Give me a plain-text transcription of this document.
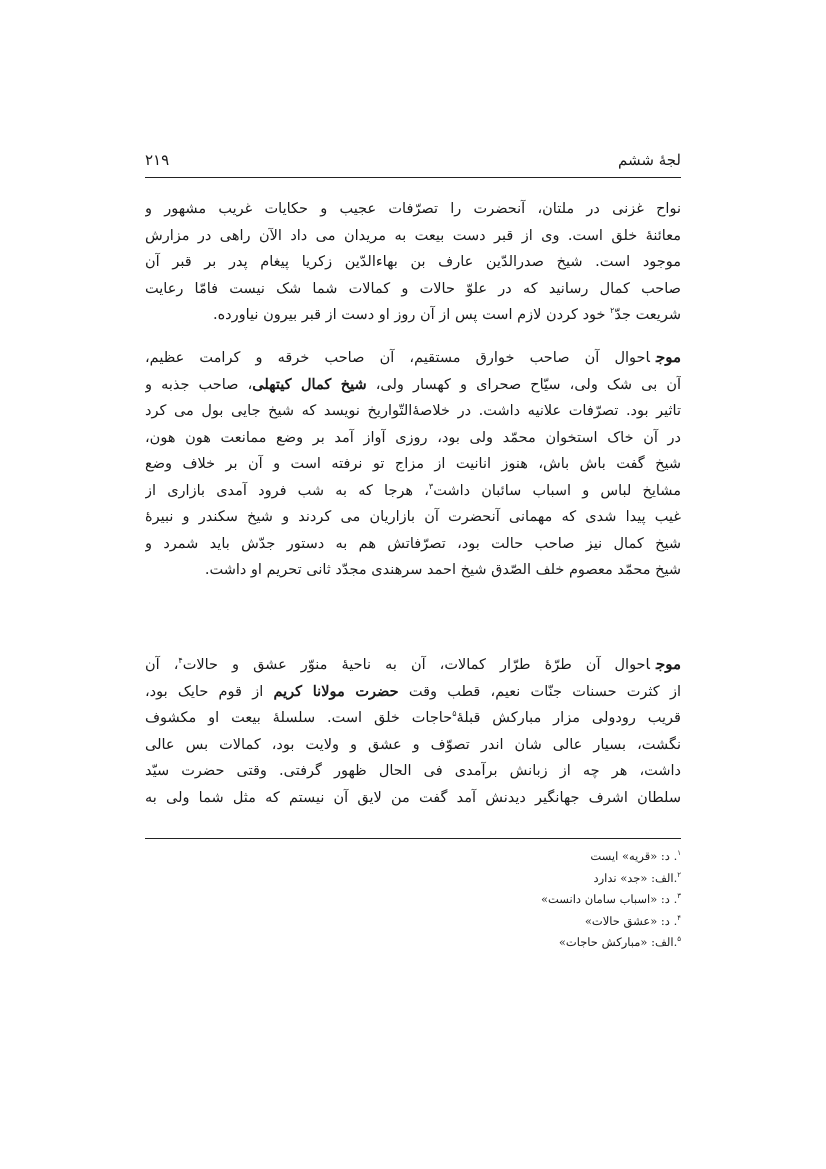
لجۀ ششم
۲۱۹
نواح غزنی در ملتان، آنحضرت را تصرّفات عجیب و حکایات غریب مشهور و
معائنۀ خلق است. وی از قبر دست بیعت به مریدان می داد الآن راهی در مزارش
موجود است. شیخ صدرالدّین عارف بن بهاءالدّین زکریا پیغام پدر بر قبر آن
صاحب کمال رسانید که در علوّ حالات و کمالات شما شک نیست فامّا رعایت
شریعت جدّ$^۲$ خود کردن لازم است پس از آن روز او دست از قبر بیرون نیاورده.
موجاحوال آن صاحب خوارق مستقیم، آن صاحب خرقه و کرامت عظیم،
آن بی شک ولی، سیّاح صحرای و کهسار ولی، شیخ کمال کیتهلی، صاحب جذبه و
تاثیر بود. تصرّفات علانیه داشت. در خلاصۀالتّواریخ نویسد که شیخ جایی بول می کرد
در آن خاک استخوان محمّد ولی بود، روزی آواز آمد بر وضع ممانعت هون هون،
شیخ گفت باش باش، هنوز انانیت از مزاج تو نرفته است و آن بر خلاف وضع
مشایخ لباس و اسباب سائبان داشت$^۳$، هرجا که به شب فرود آمدی بازاری از
غیب پیدا شدی که مهمانی آنحضرت آن بازاریان می کردند و شیخ سکندر و نبیرۀ
شیخ کمال نیز صاحب حالت بود، تصرّفاتش هم به دستور جدّش باید شمرد و
شیخ محمّد معصوم خلف الصّدق شیخ احمد سرهندی مجدّد ثانی تحریم او داشت.
موجاحوال آن طرّۀ طرّار کمالات، آن به ناحیۀ منوّر عشق و حالات$^۴$، آن
از کثرت حسنات جنّات نعیم، قطب وقت حضرت مولانا کریم از قوم حایک بود،
قریب رودولی مزار مبارکش قبلۀ$^۵$حاجات خلق است. سلسلۀ بیعت او مکشوف
نگشت، بسیار عالی شان اندر تصوّف و عشق و ولایت بود، کمالات بس عالی
داشت، هر چه از زبانش برآمدی فی الحال ظهور گرفتی. وقتی حضرت سیّد
سلطان اشرف جهانگیر دیدنش آمد گفت من لایق آن نیستم که مثل شما ولی به
$^۱$. د: «قریه» ایست
$^۲$.الف: «جد» ندارد
$^۳$. د: «اسباب سامان دانست»
$^۴$. د: «عشق حالات»
$^۵$.الف: «مبارکش حاجات»
